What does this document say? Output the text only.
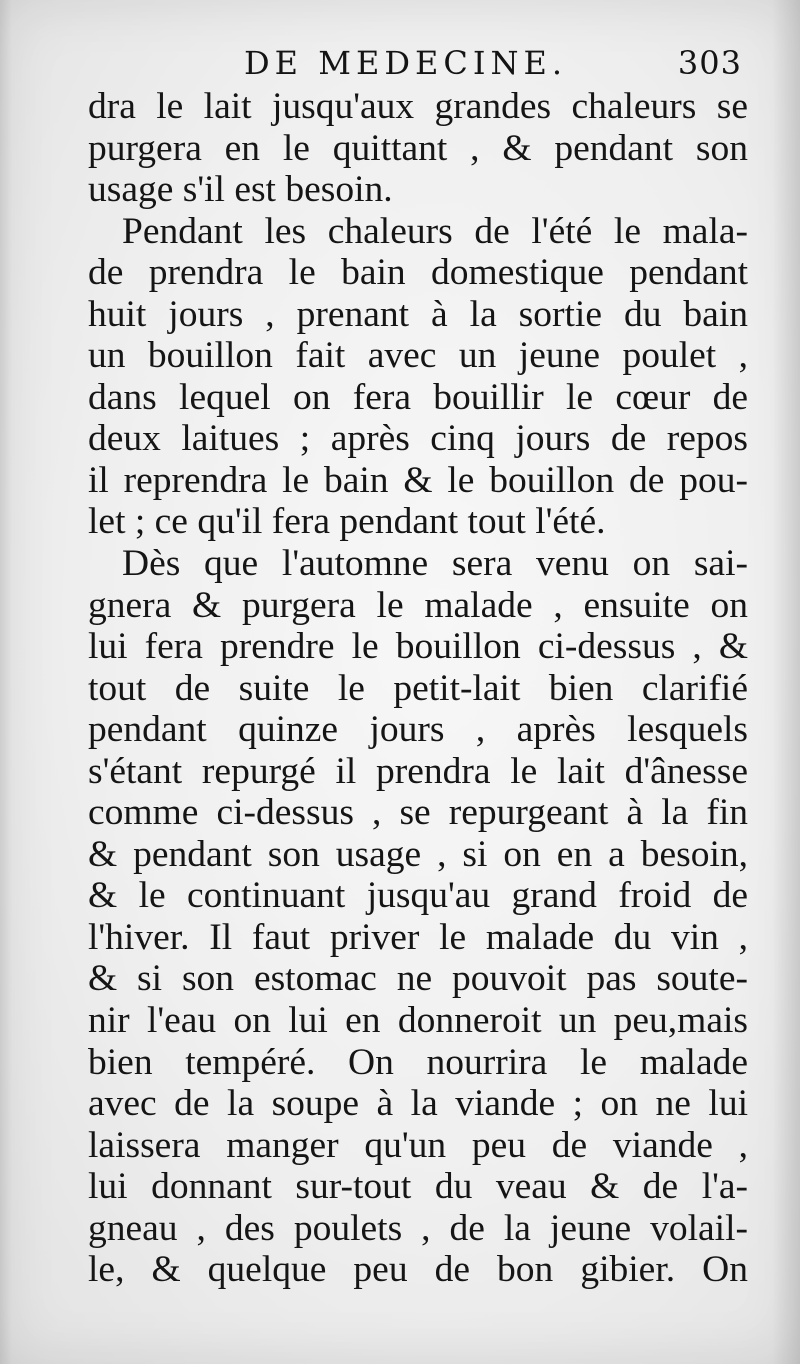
DE MEDECINE.	303
dra le lait jusqu'aux grandes chaleurs se
purgera en le quittant , & pendant son
usage s'il est besoin.
Pendant les chaleurs de l'été le mala-
de prendra le bain domestique pendant
huit jours , prenant à la sortie du bain
un bouillon fait avec un jeune poulet ,
dans lequel on fera bouillir le cœur de
deux laitues ; après cinq jours de repos
il reprendra le bain & le bouillon de pou-
let ; ce qu'il fera pendant tout l'été.
Dès que l'automne sera venu on sai-
gnera & purgera le malade , ensuite on
lui fera prendre le bouillon ci-dessus , &
tout de suite le petit-lait bien clarifié
pendant quinze jours , après lesquels
s'étant repurgé il prendra le lait d'ânesse
comme ci-dessus , se repurgeant à la fin
& pendant son usage , si on en a besoin,
& le continuant jusqu'au grand froid de
l'hiver. Il faut priver le malade du vin ,
& si son estomac ne pouvoit pas soute-
nir l'eau on lui en donneroit un peu,mais
bien tempéré. On nourrira le malade
avec de la soupe à la viande ; on ne lui
laissera manger qu'un peu de viande ,
lui donnant sur-tout du veau & de l'a-
gneau , des poulets , de la jeune volail-
le, & quelque peu de bon gibier. On
